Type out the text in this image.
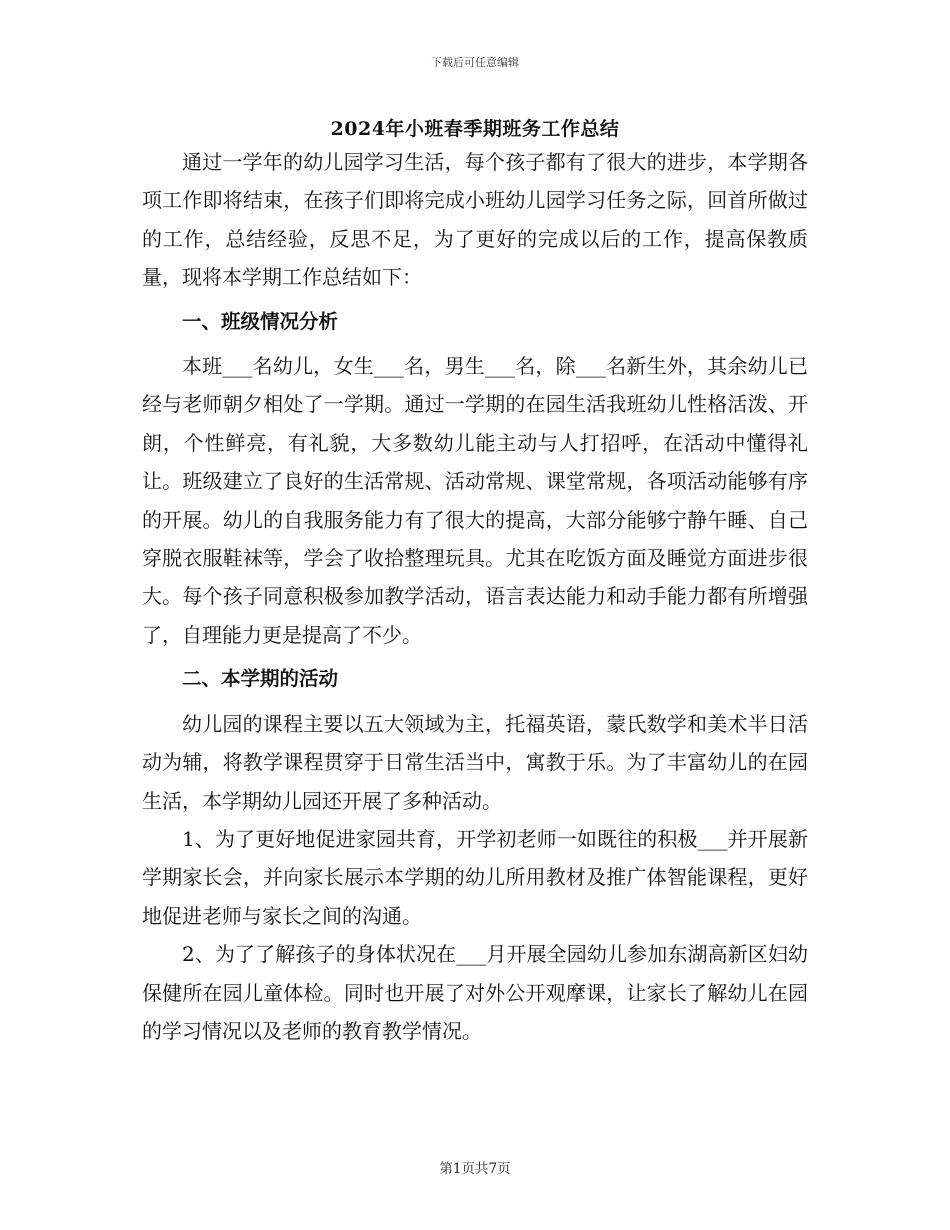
下载后可任意编辑
2024年小班春季期班务工作总结

通过一学年的幼儿园学习生活，每个孩子都有了很大的进步，本学期各项工作即将结束，在孩子们即将完成小班幼儿园学习任务之际，回首所做过的工作，总结经验，反思不足，为了更好的完成以后的工作，提高保教质量，现将本学期工作总结如下：

一、班级情况分析

本班___名幼儿，女生___名，男生___名，除___名新生外，其余幼儿已经与老师朝夕相处了一学期。通过一学期的在园生活我班幼儿性格活泼、开朗，个性鲜亮，有礼貌，大多数幼儿能主动与人打招呼，在活动中懂得礼让。班级建立了良好的生活常规、活动常规、课堂常规，各项活动能够有序的开展。幼儿的自我服务能力有了很大的提高，大部分能够宁静午睡、自己穿脱衣服鞋袜等，学会了收拾整理玩具。尤其在吃饭方面及睡觉方面进步很大。每个孩子同意积极参加教学活动，语言表达能力和动手能力都有所增强了，自理能力更是提高了不少。

二、本学期的活动

幼儿园的课程主要以五大领域为主，托福英语，蒙氏数学和美术半日活动为辅，将教学课程贯穿于日常生活当中，寓教于乐。为了丰富幼儿的在园生活，本学期幼儿园还开展了多种活动。

1、为了更好地促进家园共育，开学初老师一如既往的积极___并开展新学期家长会，并向家长展示本学期的幼儿所用教材及推广体智能课程，更好地促进老师与家长之间的沟通。

2、为了了解孩子的身体状况在___月开展全园幼儿参加东湖高新区妇幼保健所在园儿童体检。同时也开展了对外公开观摩课，让家长了解幼儿在园的学习情况以及老师的教育教学情况。

第1页共7页
